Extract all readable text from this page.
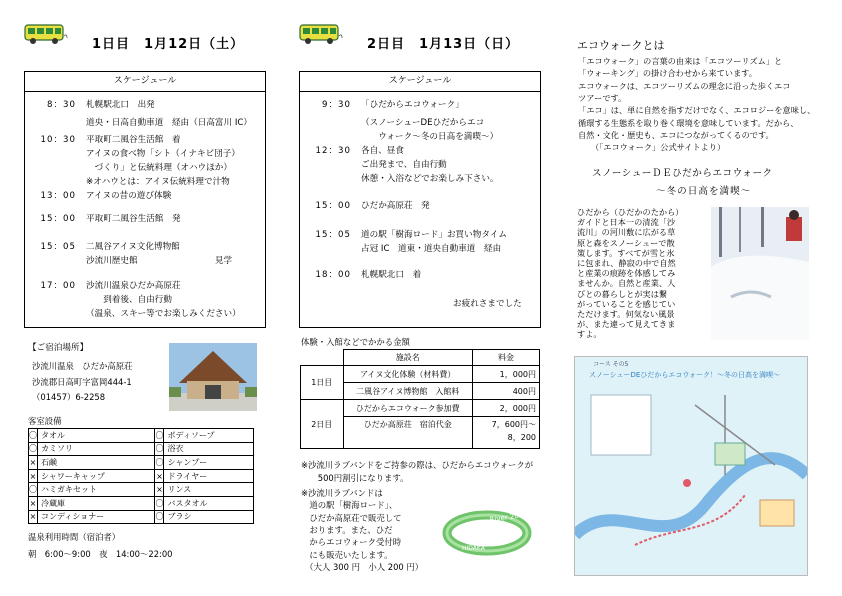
1日目　1月12日（土）
スケージュール
8：30 札幌駅北口　出発
道央・日高自動車道　経由（日高富川 IC）
10：30 平取町二風谷生活館　着
アイヌの食べ物「シト（イナキビ団子）
　づくり」と伝統料理（オハウほか）
※オハウとは：アイヌ伝統料理で汁物
13：00 アイヌの昔の遊び体験
15：00 平取町二風谷生活館　発
15：05 二風谷アイヌ文化博物館
沙流川歴史館　　　　　　　　　見学
17：00 沙流川温泉ひだか高原荘
　　到着後、自由行動
（温泉、スキー等でお楽しみください）
【ご宿泊場所】
沙流川温泉　ひだか高原荘
沙流郡日高町字富岡444-1
（01457）6-2258
客室設備
〇	タオル	〇	ボディソープ
〇	カミソリ	〇	浴衣
×	石鹸	〇	シャンプー
×	シャワーキャップ	×	ドライヤー
〇	ハミガキセット	×	リンス
×	冷蔵庫	〇	バスタオル
×	コンディショナー	〇	ブラシ
温泉利用時間（宿泊者）
朝　6:00～9:00　夜　14:00～22:00
2日目　1月13日（日）
スケージュール
9：30 「ひだからエコウォーク」
（スノーシューDEひだからエコ
　　ウォーク～冬の日高を満喫～）
12：30 各自、昼食
ご出発まで、自由行動
休憩・入浴などでお楽しみ下さい。
15：00 ひだか高原荘　発
15：05 道の駅「樹海ロード」お買い物タイム
占冠 IC　道東・道央自動車道　経由
18：00 札幌駅北口　着
お疲れさまでした
体験・入館などでかかる金額
	施設名	料金
1日目	アイヌ文化体験（材料費）	1，000円
	二風谷アイヌ博物館　入館料	400円
2日目	ひだからエコウォーク参加費	2，000円
	ひだか高原荘　宿泊代金	7，600円～
8，200
※沙流川ラブバンドをご持参の際は、ひだからエコウォークが
　　500円割引になります。
※沙流川ラブバンドは
　道の駅「樹海ロード」、
　ひだか高原荘で販売して
　おります。また、ひだ
　からエコウォーク受付時
　にも販売いたします。
　（大人 300 円　小人 200 円）
River 2012
HIDAKA
エコウォークとは
「エコウォーク」の言葉の由来は「エコツーリズム」と
「ウォーキング」の掛け合わせから来ています。
エコウォークは、エコツーリズムの理念に沿った歩くエコ
ツアーです。
「エコ」は、単に自然を指すだけでなく、エコロジーを意味し、
循環する生態系を取り巻く環境を意味しています。だから、
自然・文化・歴史も、エコにつながってくるのです。
（「エコウォーク」公式サイトより）
スノーシューＤＥひだからエコウォーク
～冬の日高を満喫～
ひだから（ひだかのたから）
ガイドと日本一の清流「沙
流川」の河川敷に広がる草
原と森をスノーシューで散
策します。すべてが雪と氷
に包まれ、静寂の中で自然
と産業の痕跡を体感してみ
ませんか。自然と産業、人
びとの暮らしとが実は繋
がっていることを感じてい
ただけます。何気ない風景
が、また違って見えてきま
すよ。
コース その5
スノーシューDEひだからエコウォーク！～冬の日高を満喫～
